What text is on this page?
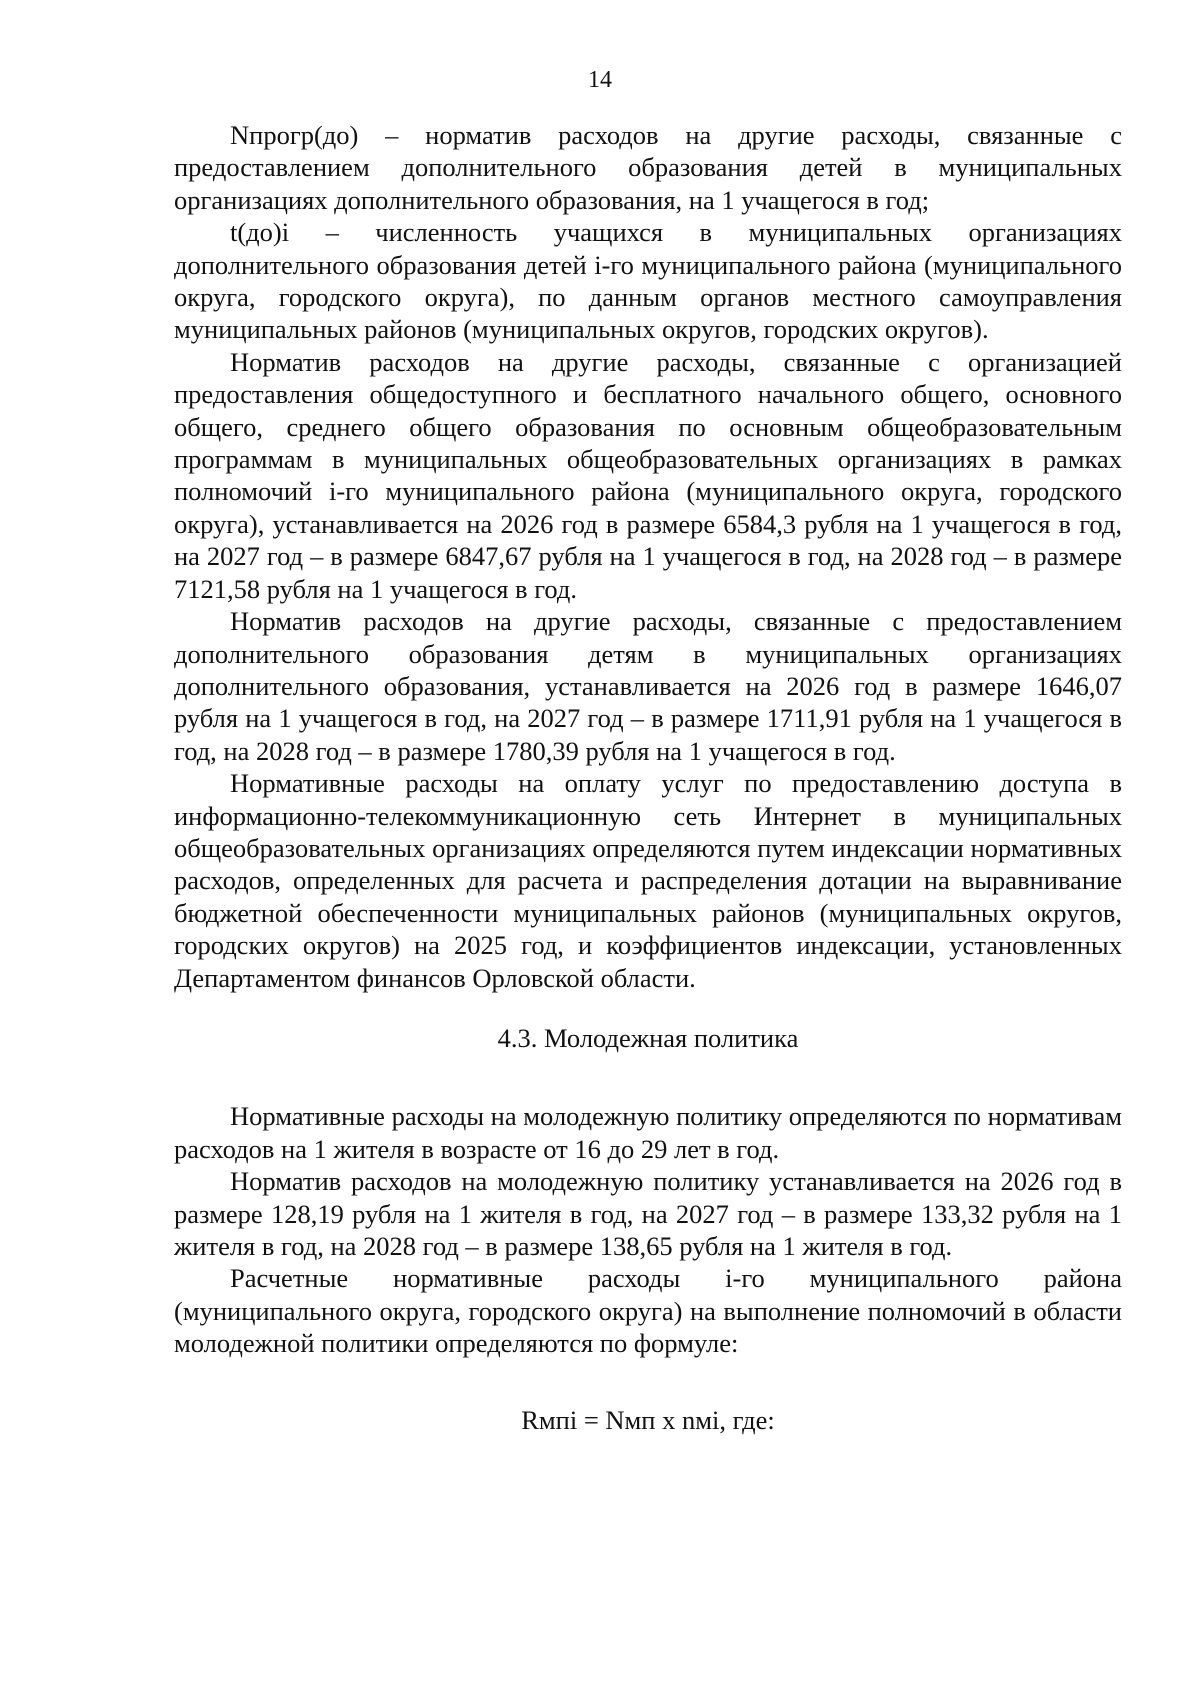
14

Nпрогр(до) – норматив расходов на другие расходы, связанные с предоставлением дополнительного образования детей в муниципальных организациях дополнительного образования, на 1 учащегося в год;

t(до)i – численность учащихся в муниципальных организациях дополнительного образования детей i-го муниципального района (муниципального округа, городского округа), по данным органов местного самоуправления муниципальных районов (муниципальных округов, городских округов).

Норматив расходов на другие расходы, связанные с организацией предоставления общедоступного и бесплатного начального общего, основного общего, среднего общего образования по основным общеобразовательным программам в муниципальных общеобразовательных организациях в рамках полномочий i-го муниципального района (муниципального округа, городского округа), устанавливается на 2026 год в размере 6584,3 рубля на 1 учащегося в год, на 2027 год – в размере 6847,67 рубля на 1 учащегося в год, на 2028 год – в размере 7121,58 рубля на 1 учащегося в год.

Норматив расходов на другие расходы, связанные с предоставлением дополнительного образования детям в муниципальных организациях дополнительного образования, устанавливается на 2026 год в размере 1646,07 рубля на 1 учащегося в год, на 2027 год – в размере 1711,91 рубля на 1 учащегося в год, на 2028 год – в размере 1780,39 рубля на 1 учащегося в год.

Нормативные расходы на оплату услуг по предоставлению доступа в информационно-телекоммуникационную сеть Интернет в муниципальных общеобразовательных организациях определяются путем индексации нормативных расходов, определенных для расчета и распределения дотации на выравнивание бюджетной обеспеченности муниципальных районов (муниципальных округов, городских округов) на 2025 год, и коэффициентов индексации, установленных Департаментом финансов Орловской области.

4.3. Молодежная политика

Нормативные расходы на молодежную политику определяются по нормативам расходов на 1 жителя в возрасте от 16 до 29 лет в год.

Норматив расходов на молодежную политику устанавливается на 2026 год в размере 128,19 рубля на 1 жителя в год, на 2027 год – в размере 133,32 рубля на 1 жителя в год, на 2028 год – в размере 138,65 рубля на 1 жителя в год.

Расчетные нормативные расходы i-го муниципального района (муниципального округа, городского округа) на выполнение полномочий в области молодежной политики определяются по формуле:

Rмпi = Nмп x nмi, где:
